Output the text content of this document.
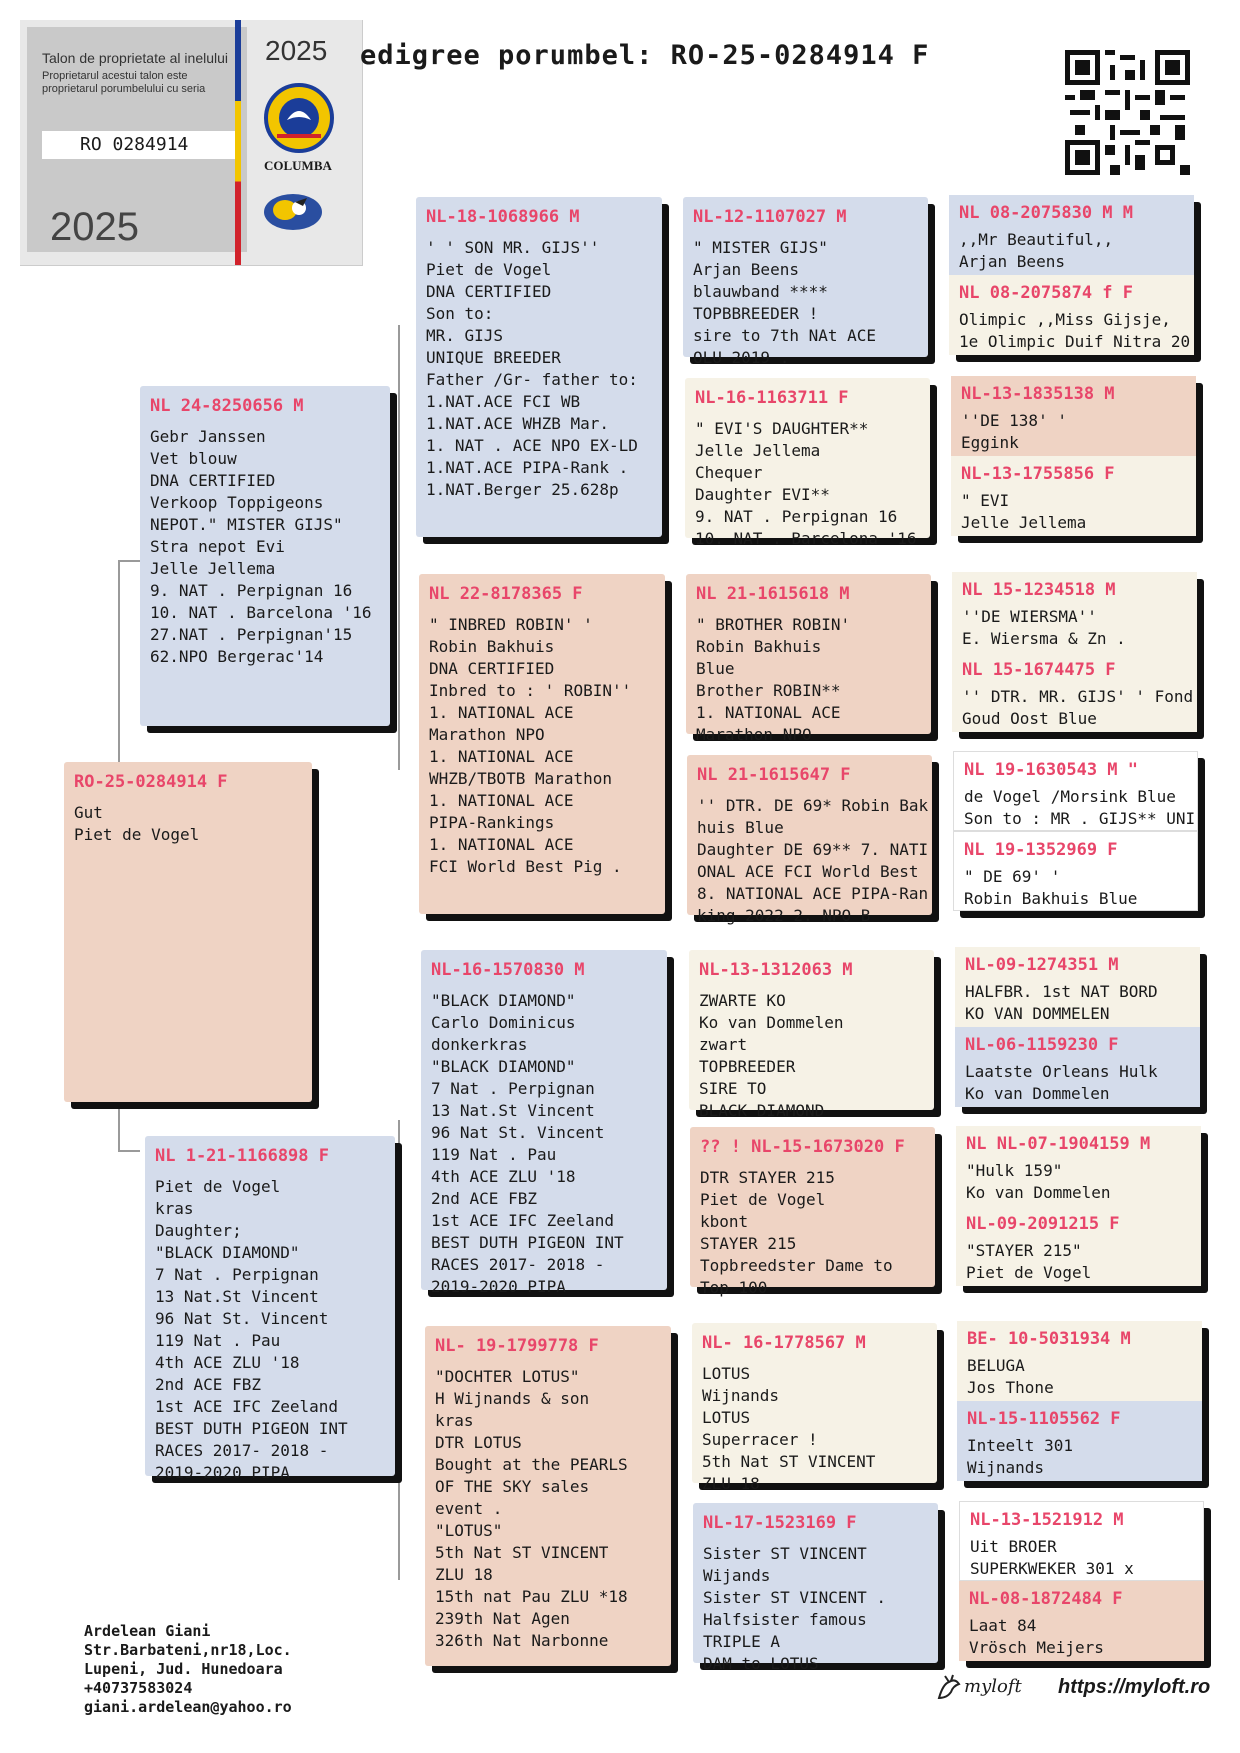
Talon de proprietate al inelului
Proprietarul acestui talon este
proprietarul porumbelului cu seria
RO 0284914
2025
2025
COLUMBA
edigree porumbel: RO-25-0284914 F
RO-25-0284914 F
Gut
Piet de Vogel
NL 24-8250656 M
Gebr Janssen
Vet blouw
DNA CERTIFIED
Verkoop Toppigeons
NEPOT." MISTER GIJS"
Stra nepot Evi
Jelle Jellema
9. NAT . Perpignan 16
10. NAT . Barcelona '16
27.NAT . Perpignan'15
62.NPO Bergerac'14
NL 1-21-1166898 F
Piet de Vogel
kras
Daughter;
"BLACK DIAMOND"
7 Nat . Perpignan
13 Nat.St Vincent
96 Nat St. Vincent
119 Nat . Pau
4th ACE ZLU '18
2nd ACE FBZ
1st ACE IFC Zeeland
BEST DUTH PIGEON INT
RACES 2017- 2018 -
2019-2020 PIPA
NL-18-1068966 M
' ' SON MR. GIJS''
Piet de Vogel
DNA CERTIFIED
Son to:
MR. GIJS
UNIQUE BREEDER
Father /Gr- father to:
1.NAT.ACE FCI WB
1.NAT.ACE WHZB Mar.
1. NAT . ACE NPO EX-LD
1.NAT.ACE PIPA-Rank .
1.NAT.Berger 25.628p
NL 22-8178365 F
" INBRED ROBIN' '
Robin Bakhuis
DNA CERTIFIED
Inbred to : ' ROBIN''
1. NATIONAL ACE
Marathon NPO
1. NATIONAL ACE
WHZB/TBOTB Marathon
1. NATIONAL ACE
PIPA-Rankings
1. NATIONAL ACE
FCI World Best Pig .
NL-16-1570830 M
"BLACK DIAMOND"
Carlo Dominicus
donkerkras
"BLACK DIAMOND"
7 Nat . Perpignan
13 Nat.St Vincent
96 Nat St. Vincent
119 Nat . Pau
4th ACE ZLU '18
2nd ACE FBZ
1st ACE IFC Zeeland
BEST DUTH PIGEON INT
RACES 2017- 2018 -
2019-2020 PIPA
NL- 19-1799778 F
"DOCHTER LOTUS"
H Wijnands & son
kras
DTR LOTUS
Bought at the PEARLS
OF THE SKY sales
event .
"LOTUS"
5th Nat ST VINCENT
ZLU 18
15th nat Pau ZLU *18
239th Nat Agen
326th Nat Narbonne
NL-12-1107027 M
" MISTER GIJS"
Arjan Beens
blauwband ****
TOPBBREEDER !
sire to 7th NAt ACE
OLU 2019 .
NL-16-1163711 F
" EVI'S DAUGHTER**
Jelle Jellema
Chequer
Daughter EVI**
9. NAT . Perpignan 16
10. NAT . Barcelona '16
NL 21-1615618 M
" BROTHER ROBIN'
Robin Bakhuis
Blue
Brother ROBIN**
1. NATIONAL ACE
Marathon NPO
NL 21-1615647 F
'' DTR. DE 69* Robin Bak
huis Blue
Daughter DE 69** 7. NATI
ONAL ACE FCI World Best
8. NATIONAL ACE PIPA-Ran
king 2022 2. NPO B
NL-13-1312063 M
ZWARTE KO
Ko van Dommelen
zwart
TOPBREEDER
SIRE TO
BLACK DIAMOND
?? ! NL-15-1673020 F
DTR STAYER 215
Piet de Vogel
kbont
STAYER 215
Topbreedster Dame to
Top 100
NL- 16-1778567 M
LOTUS
Wijnands
LOTUS
Superracer !
5th Nat ST VINCENT
ZLU 18
NL-17-1523169 F
Sister ST VINCENT
Wijands
Sister ST VINCENT .
Halfsister famous
TRIPLE A
DAM to LOTUS
NL 08-2075830 M M
,,Mr Beautiful,,
Arjan Beens
NL 08-2075874 f F
Olimpic ,,Miss Gijsje,
1e Olimpic Duif Nitra 20
NL-13-1835138 M
''DE 138' '
Eggink
NL-13-1755856 F
" EVI
Jelle Jellema
NL 15-1234518 M
''DE WIERSMA''
E. Wiersma & Zn .
NL 15-1674475 F
'' DTR. MR. GIJS' ' Fond
Goud Oost Blue
NL 19-1630543 M "
de Vogel /Morsink Blue
Son to : MR . GIJS** UNI
NL 19-1352969 F
" DE 69' '
Robin Bakhuis Blue
NL-09-1274351 M
HALFBR. 1st NAT BORD
KO VAN DOMMELEN
NL-06-1159230 F
Laatste Orleans Hulk
Ko van Dommelen
NL NL-07-1904159 M
"Hulk 159"
Ko van Dommelen
NL-09-2091215 F
"STAYER 215"
Piet de Vogel
BE- 10-5031934 M
BELUGA
Jos Thone
NL-15-1105562 F
Inteelt 301
Wijnands
NL-13-1521912 M
Uit BROER
SUPERKWEKER 301 x
NL-08-1872484 F
Laat 84
Vrösch Meijers
Ardelean Giani
Str.Barbateni,nr18,Loc.
Lupeni, Jud. Hunedoara
+40737583024
giani.ardelean@yahoo.ro
myloft https://myloft.ro
